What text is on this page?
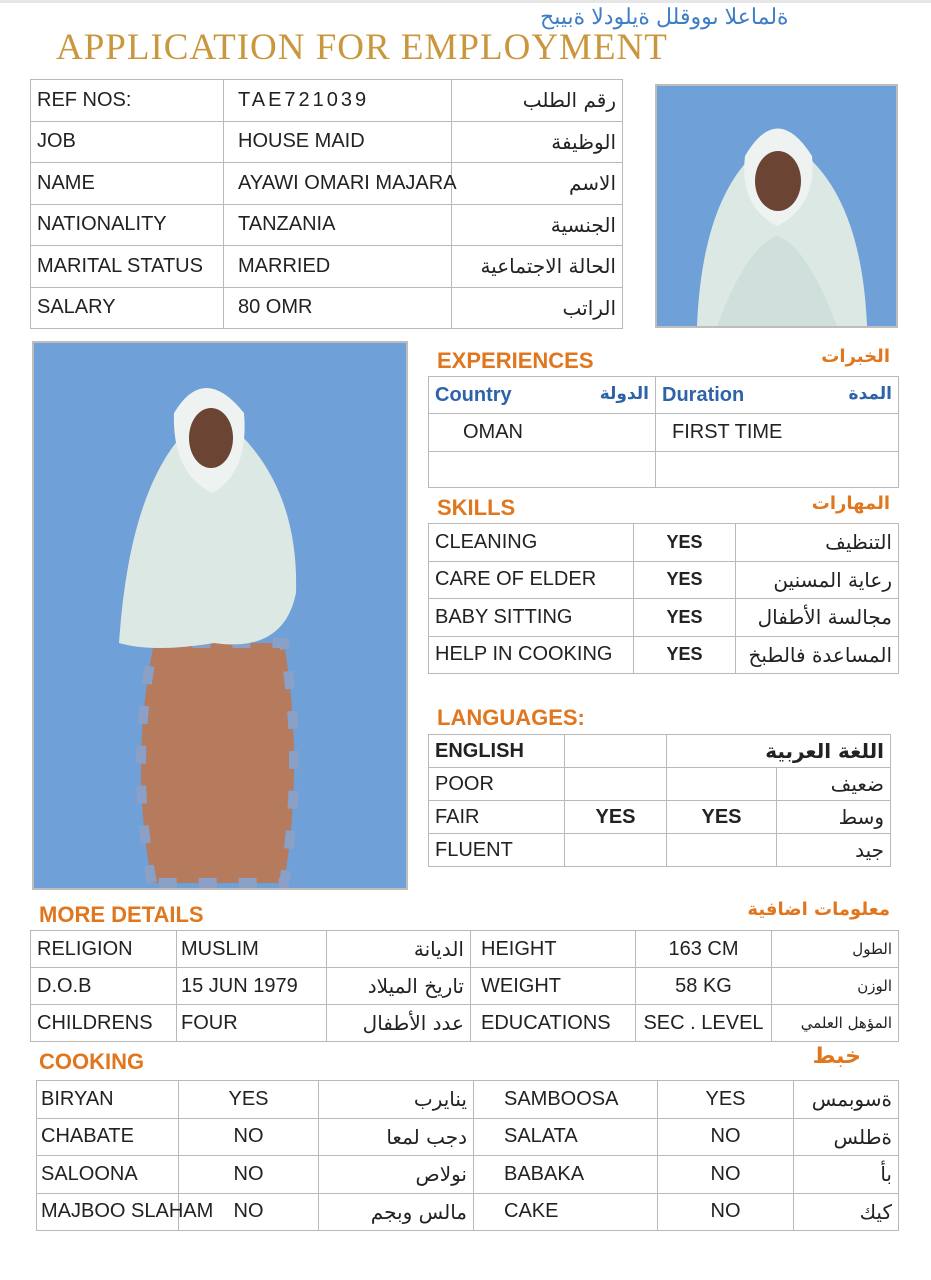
ةلماعلا ىووقلل ةيلودلا ةبيبح
APPLICATION FOR EMPLOYMENT
REF NOS:	TAE721039	رقم الطلب
JOB	HOUSE MAID	الوظيفة
NAME	AYAWI OMARI MAJARA	الاسم
NATIONALITY	TANZANIA	الجنسية
MARITAL STATUS	MARRIED	الحالة الاجتماعية
SALARY	80 OMR	الراتب
EXPERIENCES	الخبرات
Country الدولة	Duration المدة

OMAN	FIRST TIME

SKILLS	المهارات
CLEANING	YES	التنظيف
CARE OF ELDER	YES	رعاية المسنين
BABY SITTING	YES	مجالسة الأطفال
HELP IN COOKING	YES	المساعدة فالطبخ
LANGUAGES:
ENGLISH		اللغة العربية	
POOR			ضعيف
FAIR	YES	YES	وسط
FLUENT			جيد
MORE DETAILS	معلومات اضافية
RELIGION	MUSLIM	الديانة	HEIGHT	163 CM	الطول
D.O.B	15 JUN 1979	تاريخ الميلاد	WEIGHT	58 KG	الوزن
CHILDRENS	FOUR	عدد الأطفال	EDUCATIONS	SEC . LEVEL	المؤهل العلمي
COOKING	خبط
BIRYAN	YES	ينايرب	SAMBOOSA	YES	ةسوبمس
CHABATE	NO	دجب لمعا	SALATA	NO	ةطلس
SALOONA	NO	نولاص	BABAKA	NO	بأ
MAJBOO SLAHAM	NO	مالس وبجم	CAKE	NO	كيك
